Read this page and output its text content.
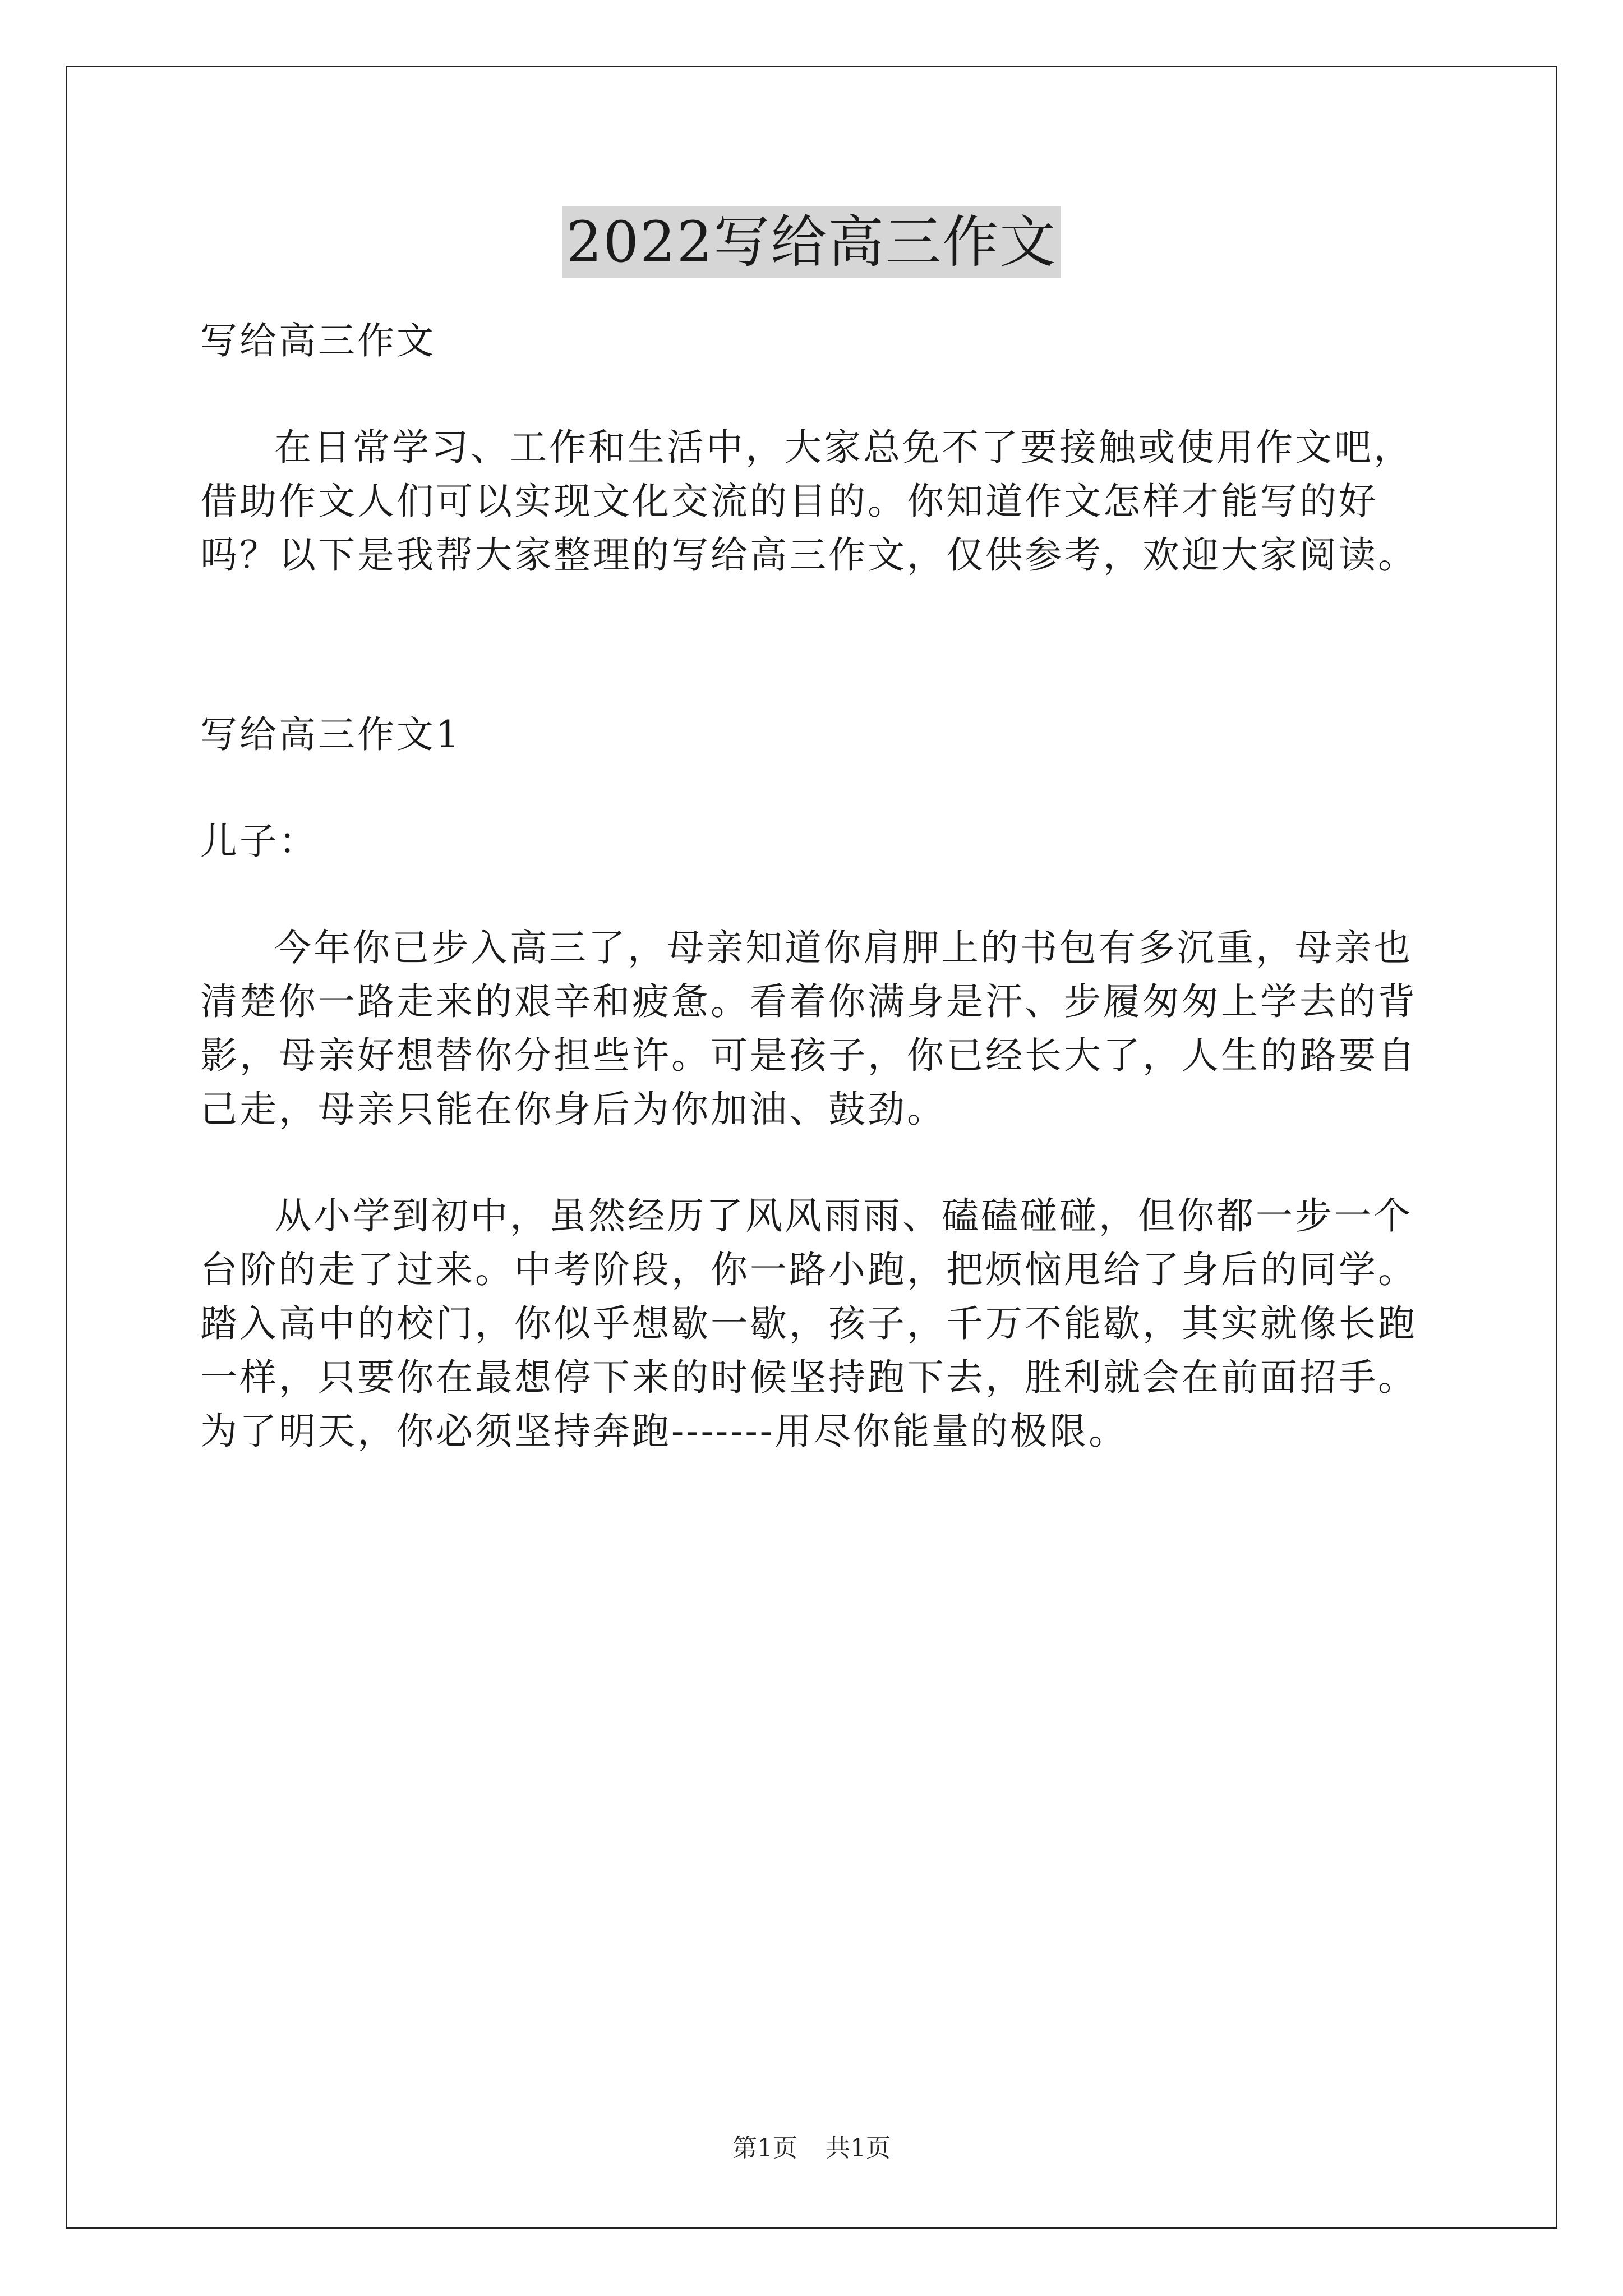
2022写给高三作文

写给高三作文

在日常学习、工作和生活中，大家总免不了要接触或使用作文吧，借助作文人们可以实现文化交流的目的。你知道作文怎样才能写的好吗？以下是我帮大家整理的写给高三作文，仅供参考，欢迎大家阅读。

写给高三作文1

儿子：

今年你已步入高三了，母亲知道你肩胛上的书包有多沉重，母亲也清楚你一路走来的艰辛和疲惫。看着你满身是汗、步履匆匆上学去的背影，母亲好想替你分担些许。可是孩子，你已经长大了，人生的路要自己走，母亲只能在你身后为你加油、鼓劲。

从小学到初中，虽然经历了风风雨雨、磕磕碰碰，但你都一步一个台阶的走了过来。中考阶段，你一路小跑，把烦恼甩给了身后的同学。踏入高中的校门，你似乎想歇一歇，孩子，千万不能歇，其实就像长跑一样，只要你在最想停下来的时候坚持跑下去，胜利就会在前面招手。为了明天，你必须坚持奔跑-------用尽你能量的极限。

第1页 共1页
